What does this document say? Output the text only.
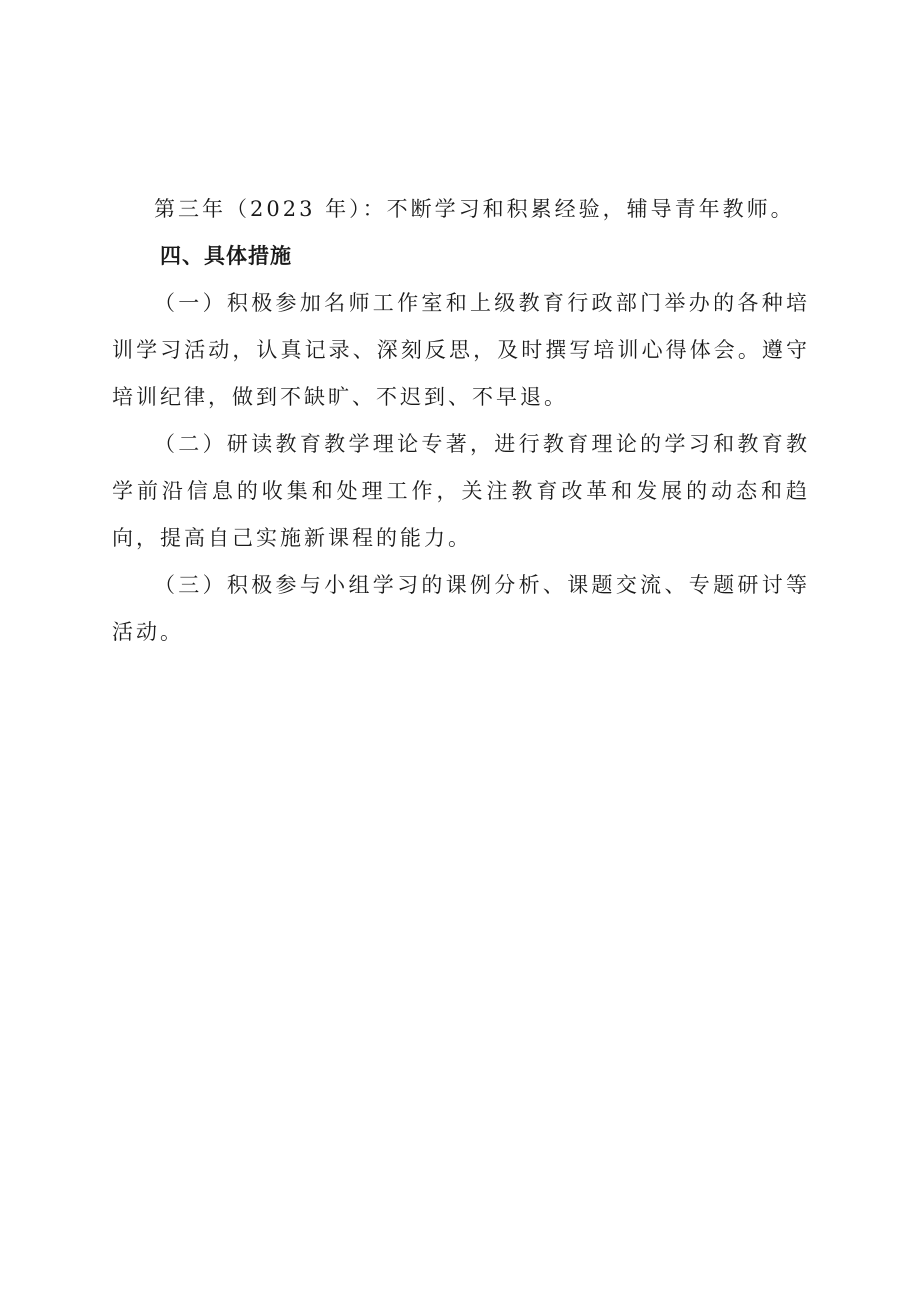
第三年（2023 年）：不断学习和积累经验，辅导青年教师。

四、具体措施

（一）积极参加名师工作室和上级教育行政部门举办的各种培训学习活动，认真记录、深刻反思，及时撰写培训心得体会。遵守培训纪律，做到不缺旷、不迟到、不早退。

（二）研读教育教学理论专著，进行教育理论的学习和教育教学前沿信息的收集和处理工作，关注教育改革和发展的动态和趋向，提高自己实施新课程的能力。

（三）积极参与小组学习的课例分析、课题交流、专题研讨等活动。
